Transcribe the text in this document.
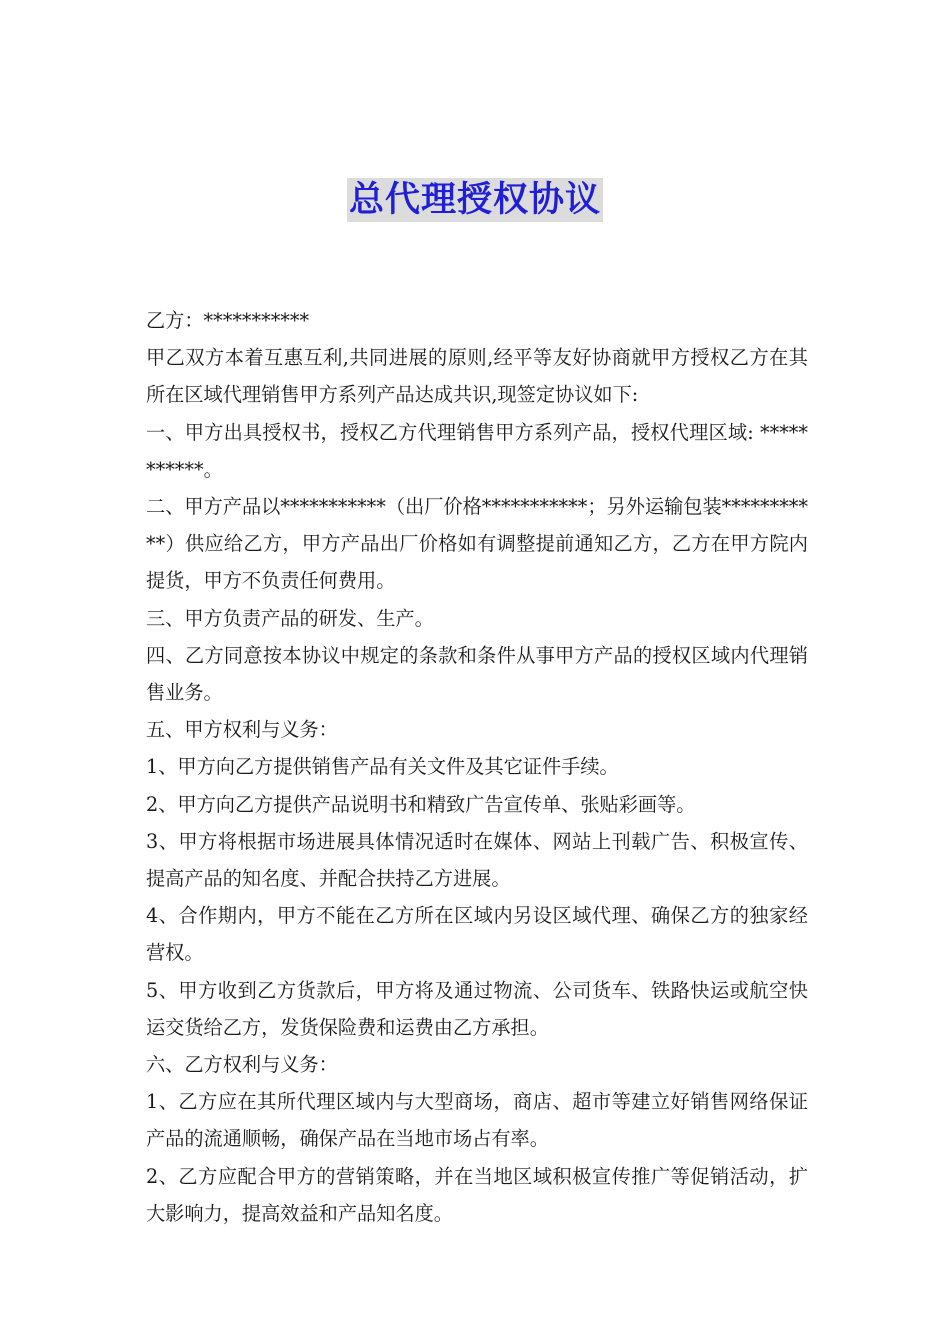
总代理授权协议

乙方：***********

甲乙双方本着互惠互利,共同进展的原则,经平等友好协商就甲方授权乙方在其所在区域代理销售甲方系列产品达成共识,现签定协议如下:

一、甲方出具授权书，授权乙方代理销售甲方系列产品，授权代理区域: ***********。

二、甲方产品以***********（出厂价格***********；另外运输包装***********）供应给乙方，甲方产品出厂价格如有调整提前通知乙方，乙方在甲方院内提货，甲方不负责任何费用。

三、甲方负责产品的研发、生产。

四、乙方同意按本协议中规定的条款和条件从事甲方产品的授权区域内代理销售业务。

五、甲方权利与义务：

1、甲方向乙方提供销售产品有关文件及其它证件手续。

2、甲方向乙方提供产品说明书和精致广告宣传单、张贴彩画等。

3、甲方将根据市场进展具体情况适时在媒体、网站上刊载广告、积极宣传、提高产品的知名度、并配合扶持乙方进展。

4、合作期内，甲方不能在乙方所在区域内另设区域代理、确保乙方的独家经营权。

5、甲方收到乙方货款后，甲方将及通过物流、公司货车、铁路快运或航空快运交货给乙方，发货保险费和运费由乙方承担。

六、乙方权利与义务：

1、乙方应在其所代理区域内与大型商场，商店、超市等建立好销售网络保证产品的流通顺畅，确保产品在当地市场占有率。

2、乙方应配合甲方的营销策略，并在当地区域积极宣传推广等促销活动，扩大影响力，提高效益和产品知名度。
